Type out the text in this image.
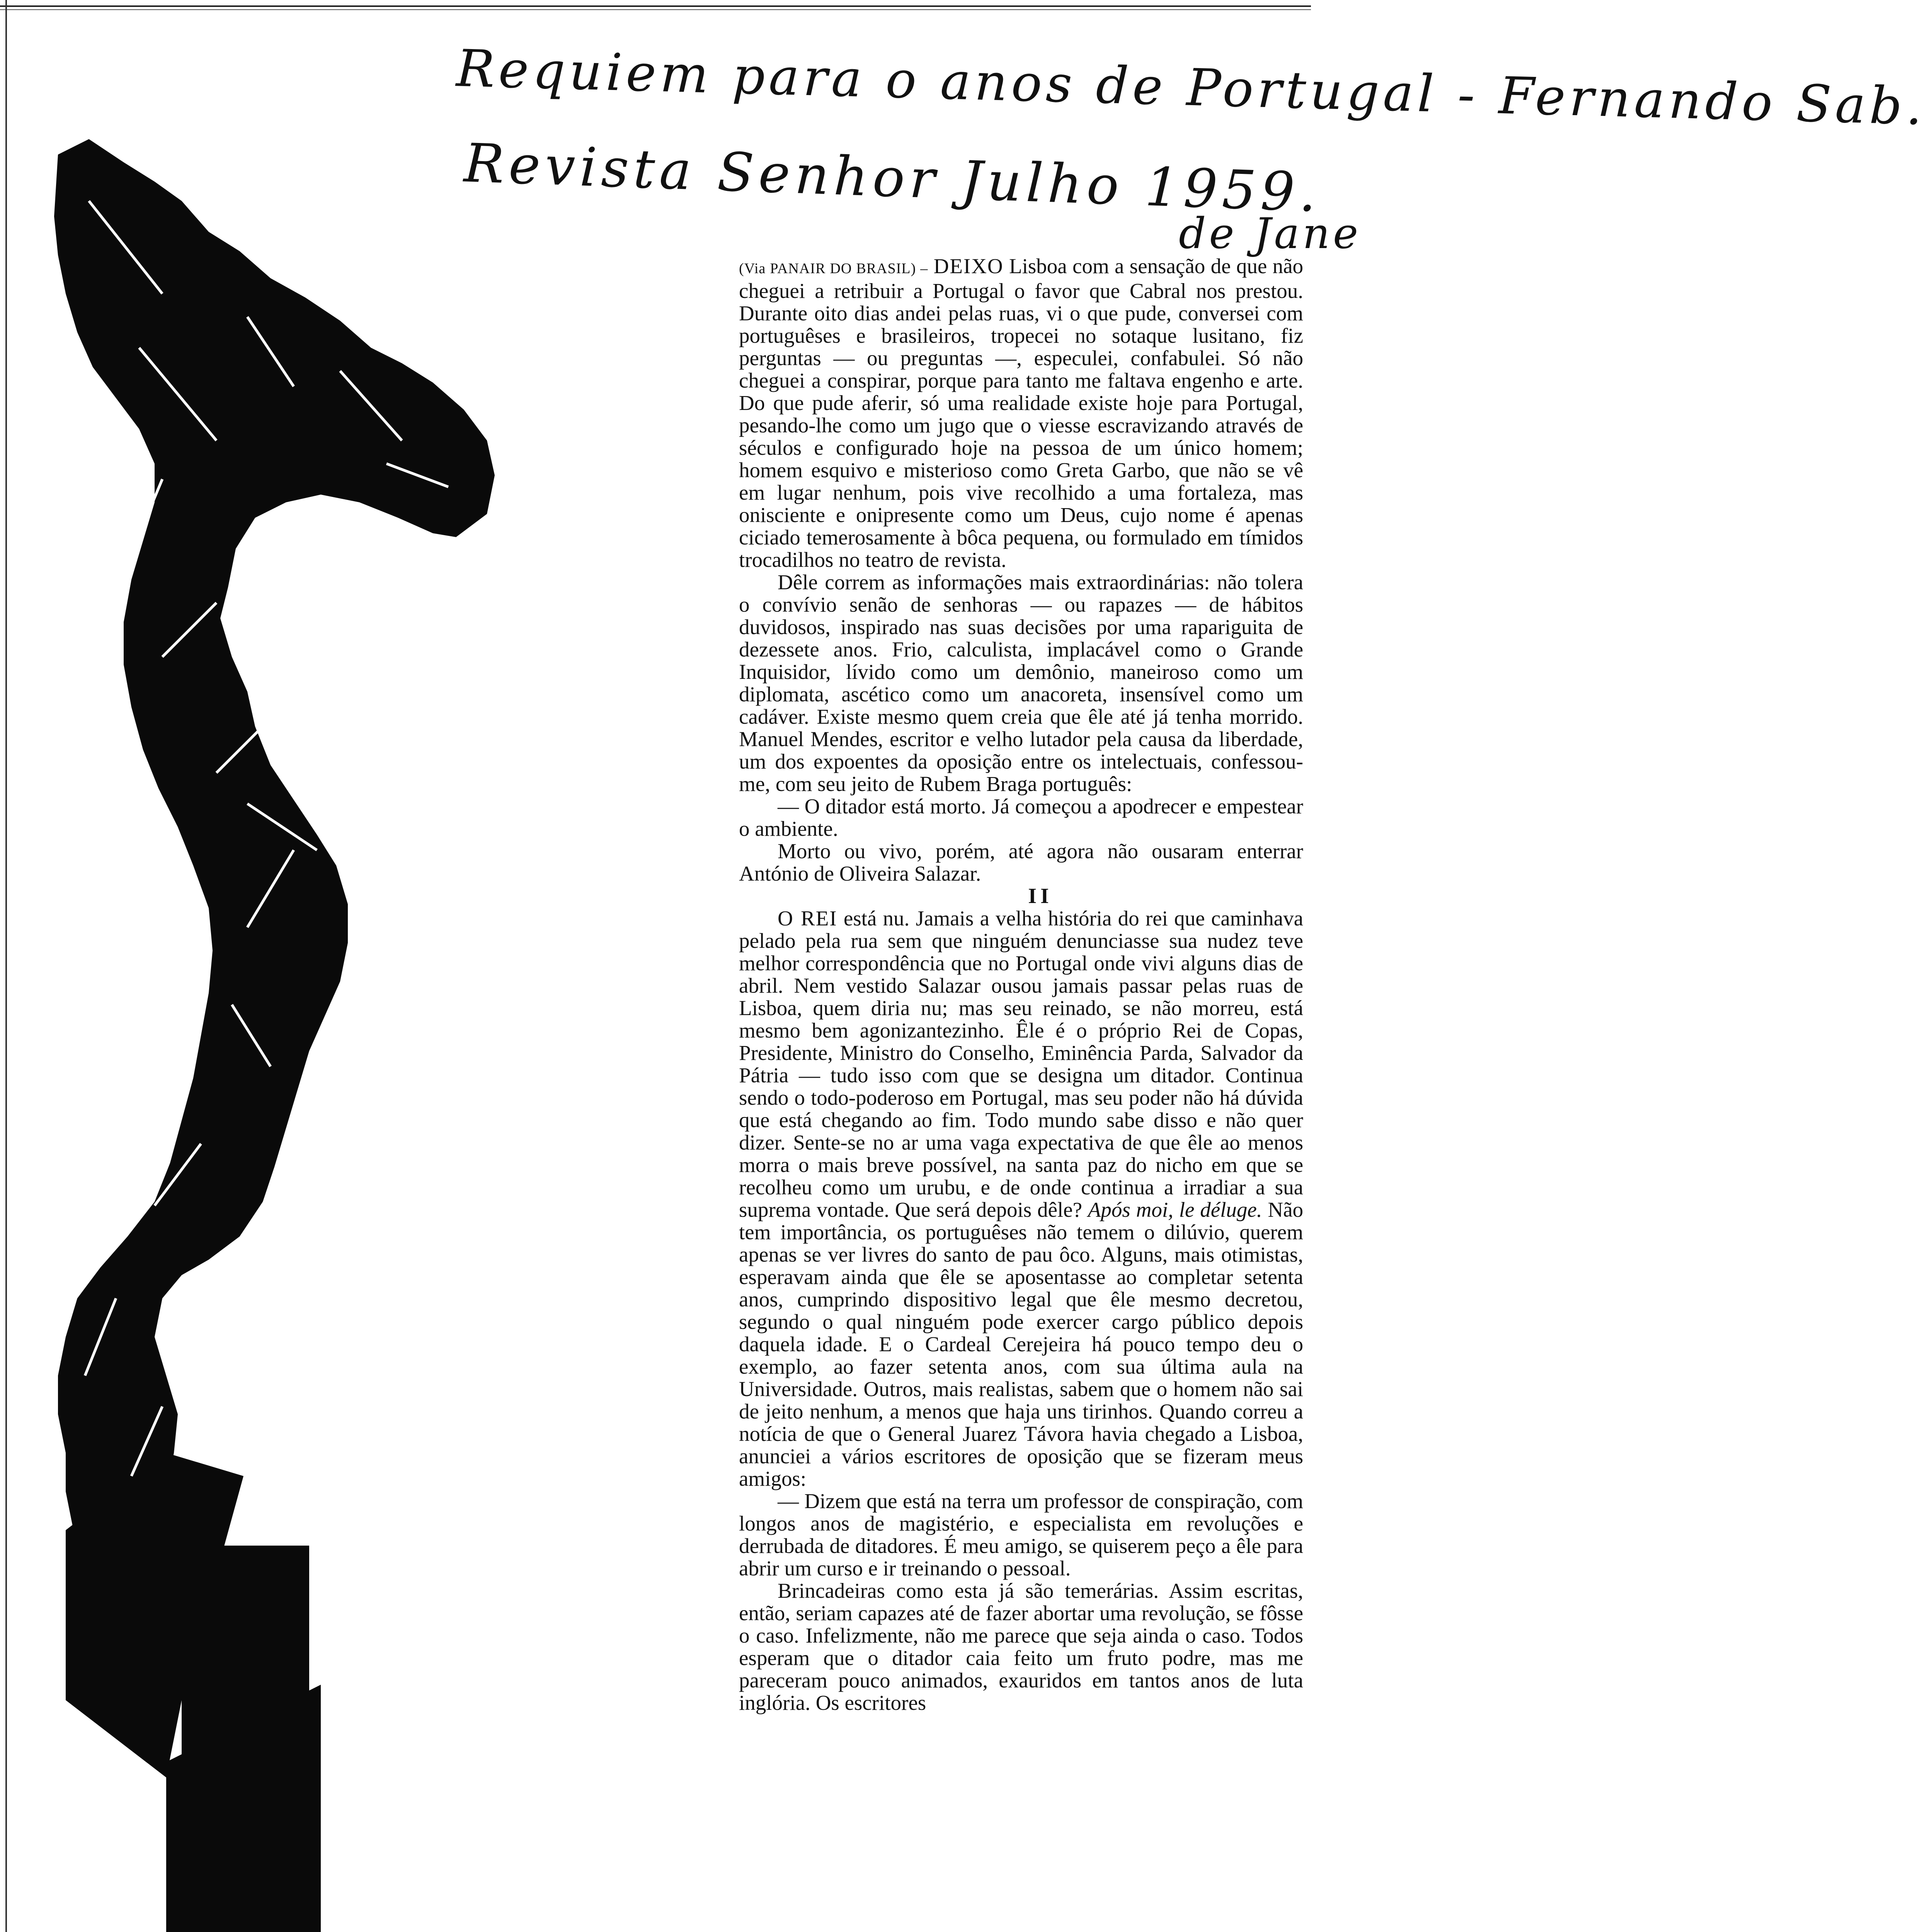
Requiem para o anos de Portugal - Fernando Sab.
Revista Senhor Julho 1959.
de Jane

(Via PANAIR DO BRASIL) – DEIXO Lisboa com a sensação de que não cheguei a retribuir a Portugal o favor que Cabral nos prestou. Durante oito dias andei pelas ruas, vi o que pude, conversei com portuguêses e brasileiros, tropecei no sotaque lusitano, fiz perguntas — ou preguntas —, especulei, confabulei. Só não cheguei a conspirar, porque para tanto me faltava engenho e arte. Do que pude aferir, só uma realidade existe hoje para Portugal, pesando-lhe como um jugo que o viesse escravizando através de séculos e configurado hoje na pessoa de um único homem; homem esquivo e misterioso como Greta Garbo, que não se vê em lugar nenhum, pois vive recolhido a uma fortaleza, mas onisciente e onipresente como um Deus, cujo nome é apenas ciciado temerosamente à bôca pequena, ou formulado em tímidos trocadilhos no teatro de revista.

Dêle correm as informações mais extraordinárias: não tolera o convívio senão de senhoras — ou rapazes — de hábitos duvidosos, inspirado nas suas decisões por uma rapariguita de dezessete anos. Frio, calculista, implacável como o Grande Inquisidor, lívido como um demônio, maneiroso como um diplomata, ascético como um anacoreta, insensível como um cadáver. Existe mesmo quem creia que êle até já tenha morrido. Manuel Mendes, escritor e velho lutador pela causa da liberdade, um dos expoentes da oposição entre os intelectuais, confessou-me, com seu jeito de Rubem Braga português:

— O ditador está morto. Já começou a apodrecer e empestear o ambiente.

Morto ou vivo, porém, até agora não ousaram enterrar António de Oliveira Salazar.

II

O REI está nu. Jamais a velha história do rei que caminhava pelado pela rua sem que ninguém denunciasse sua nudez teve melhor correspondência que no Portugal onde vivi alguns dias de abril. Nem vestido Salazar ousou jamais passar pelas ruas de Lisboa, quem diria nu; mas seu reinado, se não morreu, está mesmo bem agonizantezinho. Êle é o próprio Rei de Copas, Presidente, Ministro do Conselho, Eminência Parda, Salvador da Pátria — tudo isso com que se designa um ditador. Continua sendo o todo-poderoso em Portugal, mas seu poder não há dúvida que está chegando ao fim. Todo mundo sabe disso e não quer dizer. Sente-se no ar uma vaga expectativa de que êle ao menos morra o mais breve possível, na santa paz do nicho em que se recolheu como um urubu, e de onde continua a irradiar a sua suprema vontade. Que será depois dêle? Após moi, le déluge. Não tem importância, os portuguêses não temem o dilúvio, querem apenas se ver livres do santo de pau ôco. Alguns, mais otimistas, esperavam ainda que êle se aposentasse ao completar setenta anos, cumprindo dispositivo legal que êle mesmo decretou, segundo o qual ninguém pode exercer cargo público depois daquela idade. E o Cardeal Cerejeira há pouco tempo deu o exemplo, ao fazer setenta anos, com sua última aula na Universidade. Outros, mais realistas, sabem que o homem não sai de jeito nenhum, a menos que haja uns tirinhos. Quando correu a notícia de que o General Juarez Távora havia chegado a Lisboa, anunciei a vários escritores de oposição que se fizeram meus amigos:

— Dizem que está na terra um professor de conspiração, com longos anos de magistério, e especialista em revoluções e derrubada de ditadores. É meu amigo, se quiserem peço a êle para abrir um curso e ir treinando o pessoal.

Brincadeiras como esta já são temerárias. Assim escritas, então, seriam capazes até de fazer abortar uma revolução, se fôsse o caso. Infelizmente, não me parece que seja ainda o caso. Todos esperam que o ditador caia feito um fruto podre, mas me pareceram pouco animados, exauridos em tantos anos de luta inglória. Os escritores
